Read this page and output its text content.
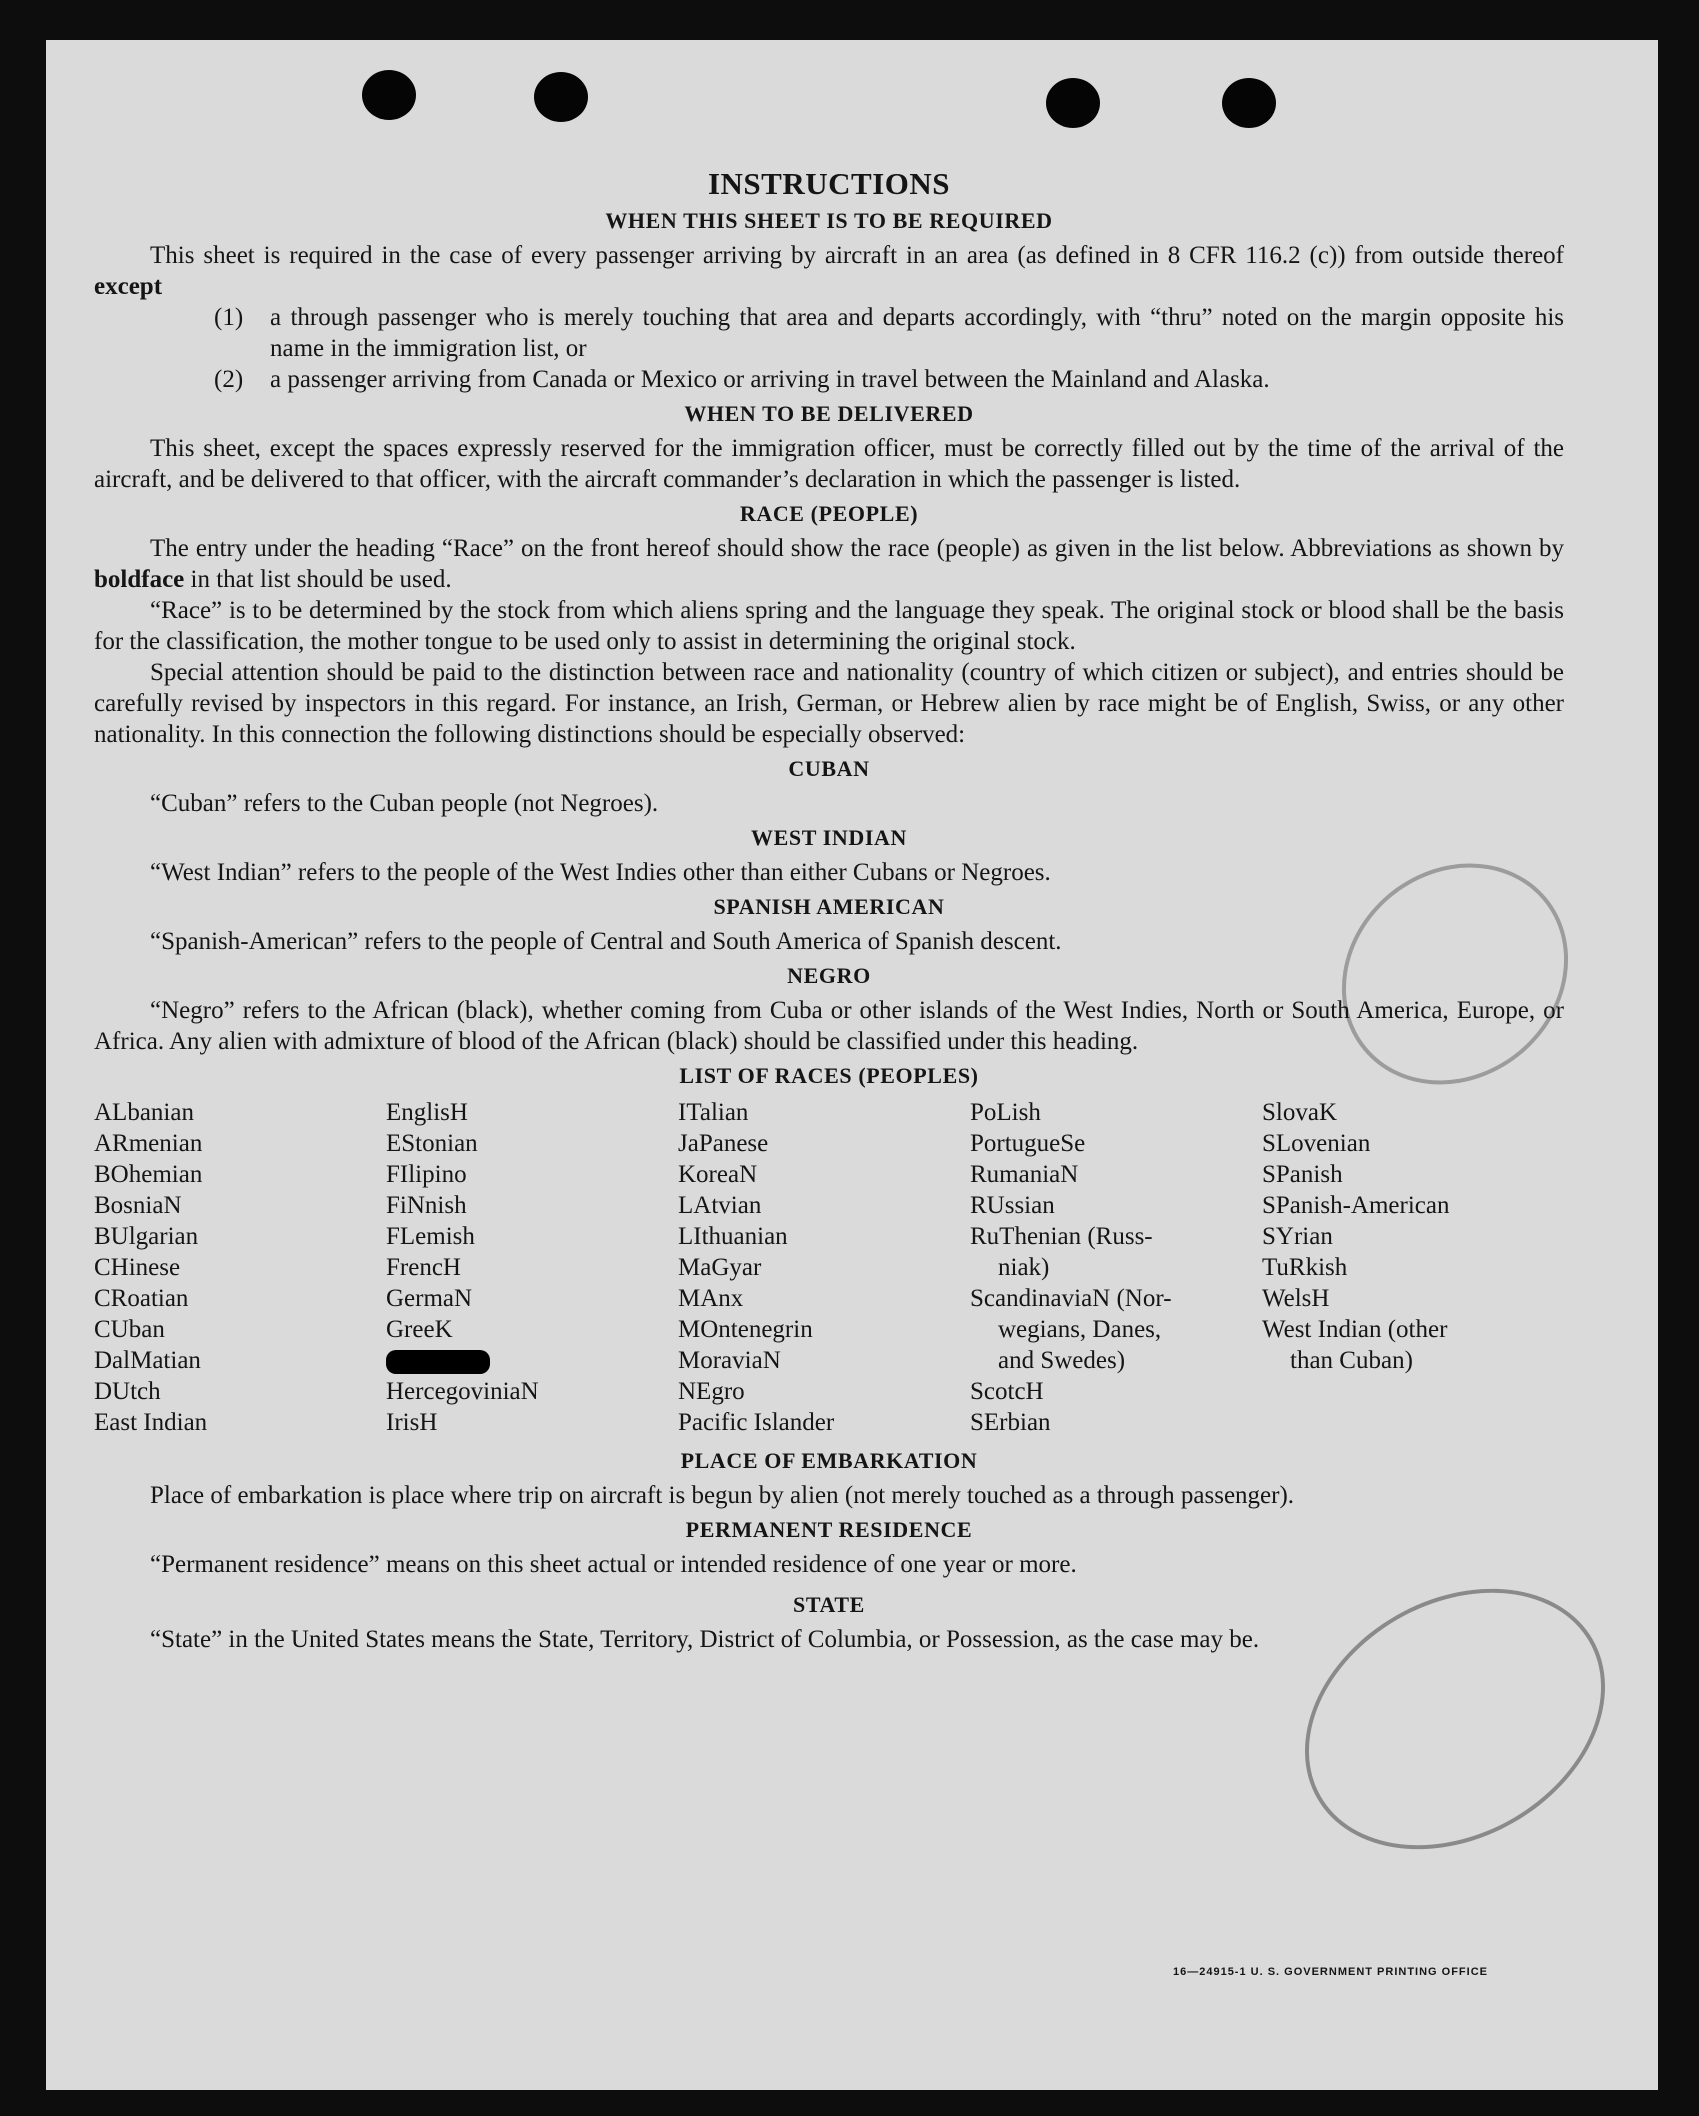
INSTRUCTIONS
WHEN THIS SHEET IS TO BE REQUIRED

This sheet is required in the case of every passenger arriving by aircraft in an area (as defined in 8 CFR 116.2 (c)) from outside thereof except

(1)	a through passenger who is merely touching that area and departs accordingly, with “thru” noted on the margin opposite his name in the immigration list, or
(2)	a passenger arriving from Canada or Mexico or arriving in travel between the Mainland and Alaska.
WHEN TO BE DELIVERED

This sheet, except the spaces expressly reserved for the immigration officer, must be correctly filled out by the time of the arrival of the aircraft, and be delivered to that officer, with the aircraft commander’s declaration in which the passenger is listed.

RACE (PEOPLE)

The entry under the heading “Race” on the front hereof should show the race (people) as given in the list below. Abbreviations as shown by boldface in that list should be used.

“Race” is to be determined by the stock from which aliens spring and the language they speak. The original stock or blood shall be the basis for the classification, the mother tongue to be used only to assist in determining the original stock.

Special attention should be paid to the distinction between race and nationality (country of which citizen or subject), and entries should be carefully revised by inspectors in this regard. For instance, an Irish, German, or Hebrew alien by race might be of English, Swiss, or any other nationality. In this connection the following distinctions should be especially observed:

CUBAN
“Cuban” refers to the Cuban people (not Negroes).
WEST INDIAN
“West Indian” refers to the people of the West Indies other than either Cubans or Negroes.
SPANISH AMERICAN
“Spanish-American” refers to the people of Central and South America of Spanish descent.
NEGRO

“Negro” refers to the African (black), whether coming from Cuba or other islands of the West Indies, North or South America, Europe, or Africa. Any alien with admixture of blood of the African (black) should be classified under this heading.

LIST OF RACES (PEOPLES)
ALbanian
ARmenian
BOhemian
BosniaN
BUlgarian
CHinese
CRoatian
CUban
DalMatian
DUtch
East Indian
EnglisH
EStonian
FIlipino
FiNnish
FLemish
FrencH
GermaN
GreeK
HercegoviniaN
IrisH
ITalian
JaPanese
KoreaN
LAtvian
LIthuanian
MaGyar
MAnx
MOntenegrin
MoraviaN
NEgro
Pacific Islander
PoLish
PortugueSe
RumaniaN
RUssian
RuThenian (Russ-
niak)
ScandinaviaN (Nor-
wegians, Danes,
and Swedes)
ScotcH
SErbian
SlovaK
SLovenian
SPanish
SPanish-American
SYrian
TuRkish
WelsH
West Indian (other
than Cuban)
PLACE OF EMBARKATION

Place of embarkation is place where trip on aircraft is begun by alien (not merely touched as a through passenger).

PERMANENT RESIDENCE
“Permanent residence” means on this sheet actual or intended residence of one year or more.
STATE

“State” in the United States means the State, Territory, District of Columbia, or Possession, as the case may be.

16—24915-1 U. S. GOVERNMENT PRINTING OFFICE
